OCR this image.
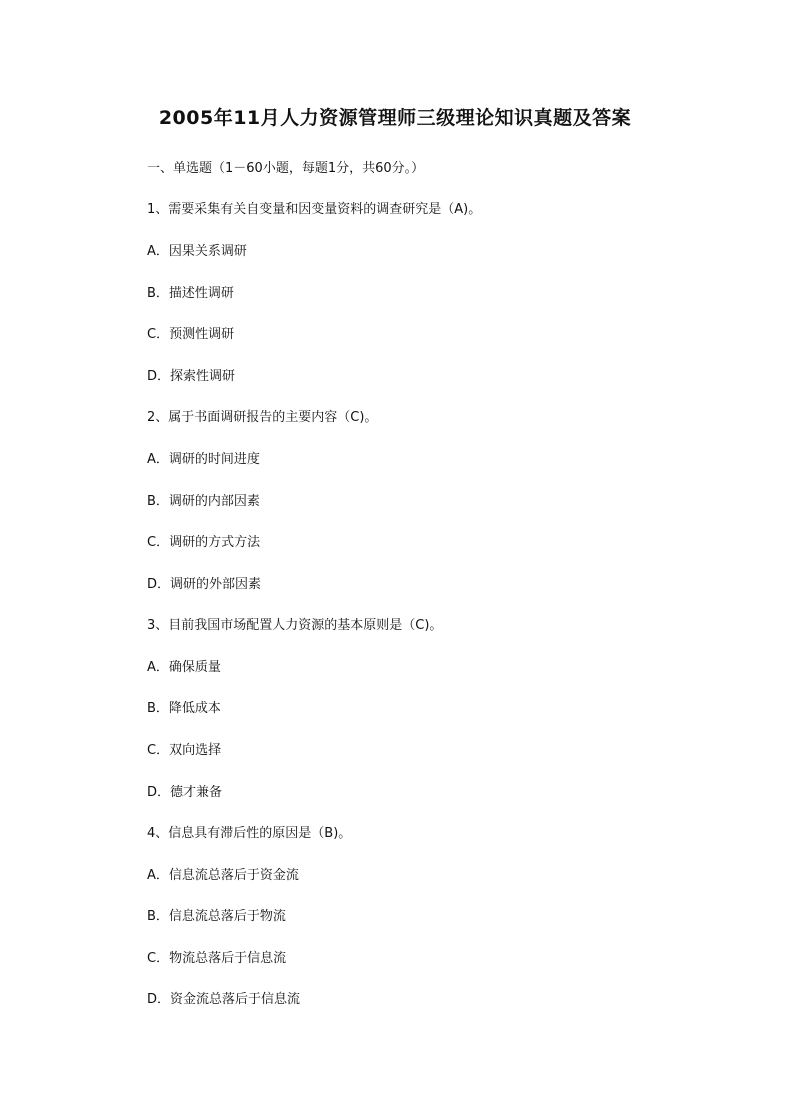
2005年11月人力资源管理师三级理论知识真题及答案
一、单选题（1－60小题，每题1分，共60分。）
1、需要采集有关自变量和因变量资料的调查研究是（A)。
A．因果关系调研
B．描述性调研
C．预测性调研
D．探索性调研
2、属于书面调研报告的主要内容（C)。
A．调研的时间进度
B．调研的内部因素
C．调研的方式方法
D．调研的外部因素
3、目前我国市场配置人力资源的基本原则是（C)。
A．确保质量
B．降低成本
C．双向选择
D．德才兼备
4、信息具有滞后性的原因是（B)。
A．信息流总落后于资金流
B．信息流总落后于物流
C．物流总落后于信息流
D．资金流总落后于信息流
